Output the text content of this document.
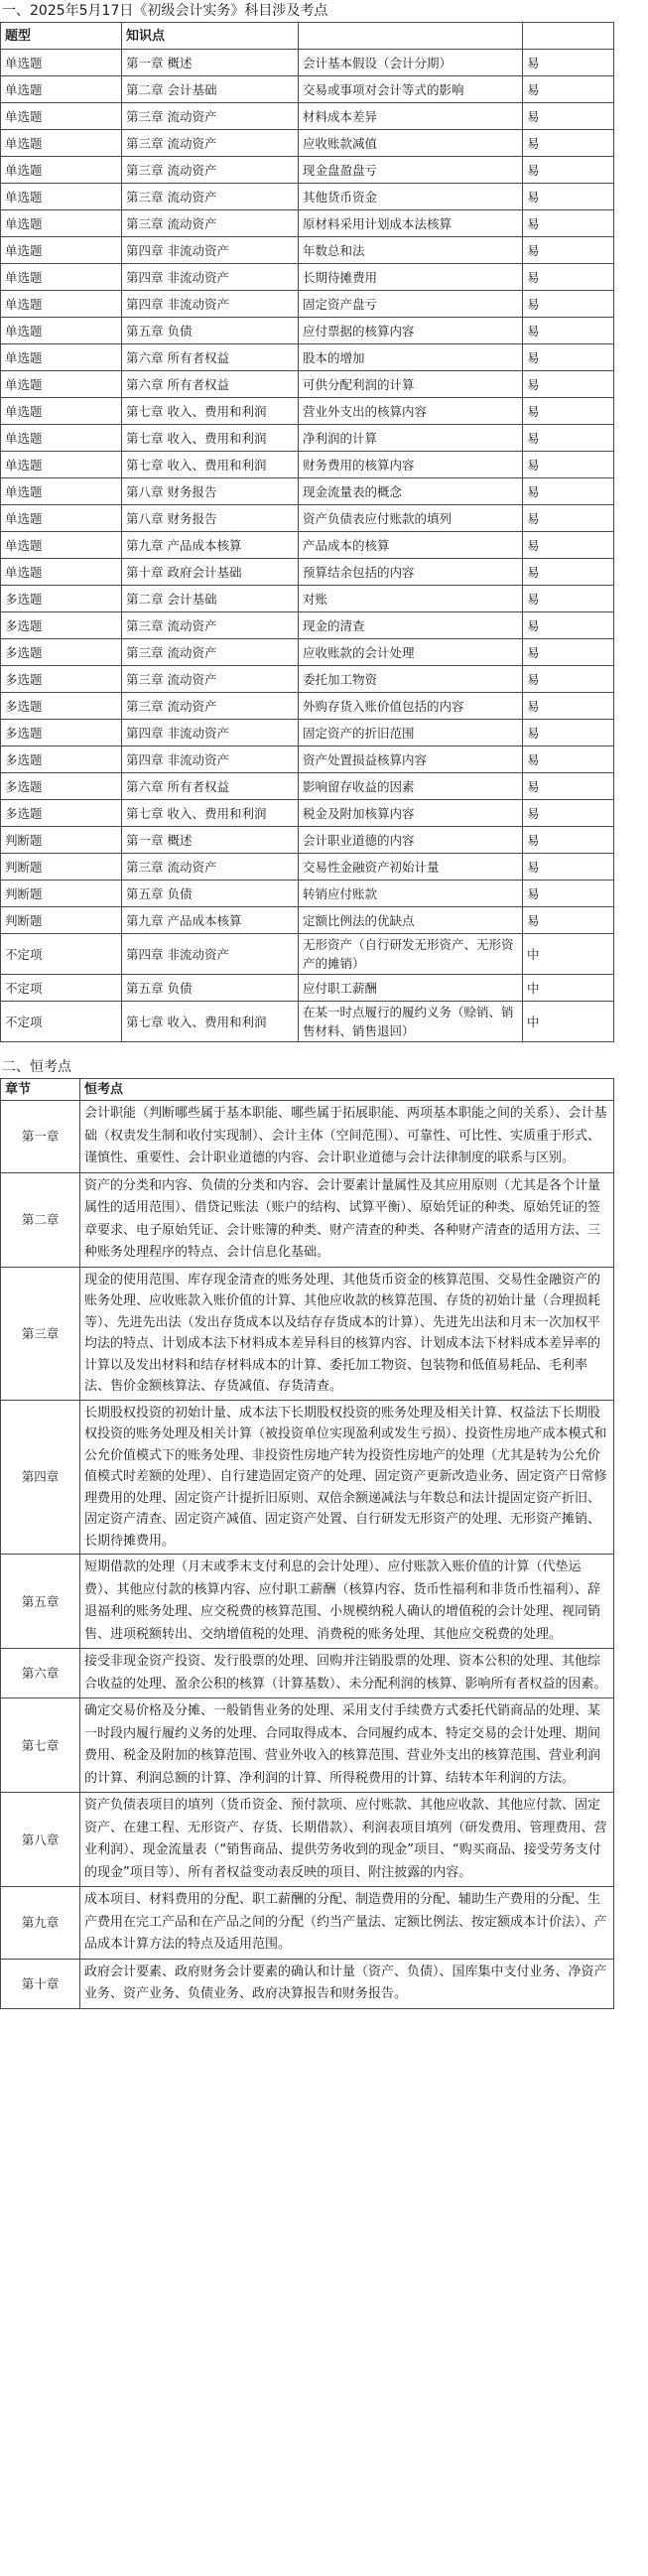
一、2025年5月17日《初级会计实务》科目涉及考点
题型	知识点		
单选题	第一章 概述	会计基本假设（会计分期）	易
单选题	第二章 会计基础	交易或事项对会计等式的影响	易
单选题	第三章 流动资产	材料成本差异	易
单选题	第三章 流动资产	应收账款减值	易
单选题	第三章 流动资产	现金盘盈盘亏	易
单选题	第三章 流动资产	其他货币资金	易
单选题	第三章 流动资产	原材料采用计划成本法核算	易
单选题	第四章 非流动资产	年数总和法	易
单选题	第四章 非流动资产	长期待摊费用	易
单选题	第四章 非流动资产	固定资产盘亏	易
单选题	第五章 负债	应付票据的核算内容	易
单选题	第六章 所有者权益	股本的增加	易
单选题	第六章 所有者权益	可供分配利润的计算	易
单选题	第七章 收入、费用和利润	营业外支出的核算内容	易
单选题	第七章 收入、费用和利润	净利润的计算	易
单选题	第七章 收入、费用和利润	财务费用的核算内容	易
单选题	第八章 财务报告	现金流量表的概念	易
单选题	第八章 财务报告	资产负债表应付账款的填列	易
单选题	第九章 产品成本核算	产品成本的核算	易
单选题	第十章 政府会计基础	预算结余包括的内容	易
多选题	第二章 会计基础	对账	易
多选题	第三章 流动资产	现金的清查	易
多选题	第三章 流动资产	应收账款的会计处理	易
多选题	第三章 流动资产	委托加工物资	易
多选题	第三章 流动资产	外购存货入账价值包括的内容	易
多选题	第四章 非流动资产	固定资产的折旧范围	易
多选题	第四章 非流动资产	资产处置损益核算内容	易
多选题	第六章 所有者权益	影响留存收益的因素	易
多选题	第七章 收入、费用和利润	税金及附加核算内容	易
判断题	第一章 概述	会计职业道德的内容	易
判断题	第三章 流动资产	交易性金融资产初始计量	易
判断题	第五章 负债	转销应付账款	易
判断题	第九章 产品成本核算	定额比例法的优缺点	易
不定项	第四章 非流动资产	无形资产（自行研发无形资产、无形资产的摊销）	中
不定项	第五章 负债	应付职工薪酬	中
不定项	第七章 收入、费用和利润	在某一时点履行的履约义务（赊销、销售材料、销售退回）	中
二、恒考点
章节	恒考点
第一章	会计职能（判断哪些属于基本职能、哪些属于拓展职能、两项基本职能之间的关系）、会计基础（权责发生制和收付实现制）、会计主体（空间范围）、可靠性、可比性、实质重于形式、谨慎性、重要性、会计职业道德的内容、会计职业道德与会计法律制度的联系与区别。
第二章	资产的分类和内容、负债的分类和内容、会计要素计量属性及其应用原则（尤其是各个计量属性的适用范围）、借贷记账法（账户的结构、试算平衡）、原始凭证的种类、原始凭证的签章要求、电子原始凭证、会计账簿的种类、财产清查的种类、各种财产清查的适用方法、三种账务处理程序的特点、会计信息化基础。
第三章	现金的使用范围、库存现金清查的账务处理、其他货币资金的核算范围、交易性金融资产的账务处理、应收账款入账价值的计算、其他应收款的核算范围、存货的初始计量（合理损耗等）、先进先出法（发出存货成本以及结存存货成本的计算）、先进先出法和月末一次加权平均法的特点、计划成本法下材料成本差异科目的核算内容、计划成本法下材料成本差异率的计算以及发出材料和结存材料成本的计算、委托加工物资、包装物和低值易耗品、毛利率法、售价金额核算法、存货减值、存货清查。
第四章	长期股权投资的初始计量、成本法下长期股权投资的账务处理及相关计算、权益法下长期股权投资的账务处理及相关计算（被投资单位实现盈利或发生亏损）、投资性房地产成本模式和公允价值模式下的账务处理、非投资性房地产转为投资性房地产的处理（尤其是转为公允价值模式时差额的处理）、自行建造固定资产的处理、固定资产更新改造业务、固定资产日常修理费用的处理、固定资产计提折旧原则、双倍余额递减法与年数总和法计提固定资产折旧、固定资产清查、固定资产减值、固定资产处置、自行研发无形资产的处理、无形资产摊销、长期待摊费用。
第五章	短期借款的处理（月末或季末支付利息的会计处理）、应付账款入账价值的计算（代垫运费）、其他应付款的核算内容、应付职工薪酬（核算内容、货币性福利和非货币性福利）、辞退福利的账务处理、应交税费的核算范围、小规模纳税人确认的增值税的会计处理、视同销售、进项税额转出、交纳增值税的处理、消费税的账务处理、其他应交税费的处理。
第六章	接受非现金资产投资、发行股票的处理、回购并注销股票的处理、资本公积的处理、其他综合收益的处理、盈余公积的核算（计算基数）、未分配利润的核算、影响所有者权益的因素。
第七章	确定交易价格及分摊、一般销售业务的处理、采用支付手续费方式委托代销商品的处理、某一时段内履行履约义务的处理、合同取得成本、合同履约成本、特定交易的会计处理、期间费用、税金及附加的核算范围、营业外收入的核算范围、营业外支出的核算范围、营业利润的计算、利润总额的计算、净利润的计算、所得税费用的计算、结转本年利润的方法。
第八章	资产负债表项目的填列（货币资金、预付款项、应付账款、其他应收款、其他应付款、固定资产、在建工程、无形资产、存货、长期借款）、利润表项目填列（研发费用、管理费用、营业利润）、现金流量表（“销售商品、提供劳务收到的现金”项目、“购买商品、接受劳务支付的现金”项目等）、所有者权益变动表反映的项目、附注披露的内容。
第九章	成本项目、材料费用的分配、职工薪酬的分配、制造费用的分配、辅助生产费用的分配、生产费用在完工产品和在产品之间的分配（约当产量法、定额比例法、按定额成本计价法）、产品成本计算方法的特点及适用范围。
第十章	政府会计要素、政府财务会计要素的确认和计量（资产、负债）、国库集中支付业务、净资产业务、资产业务、负债业务、政府决算报告和财务报告。
